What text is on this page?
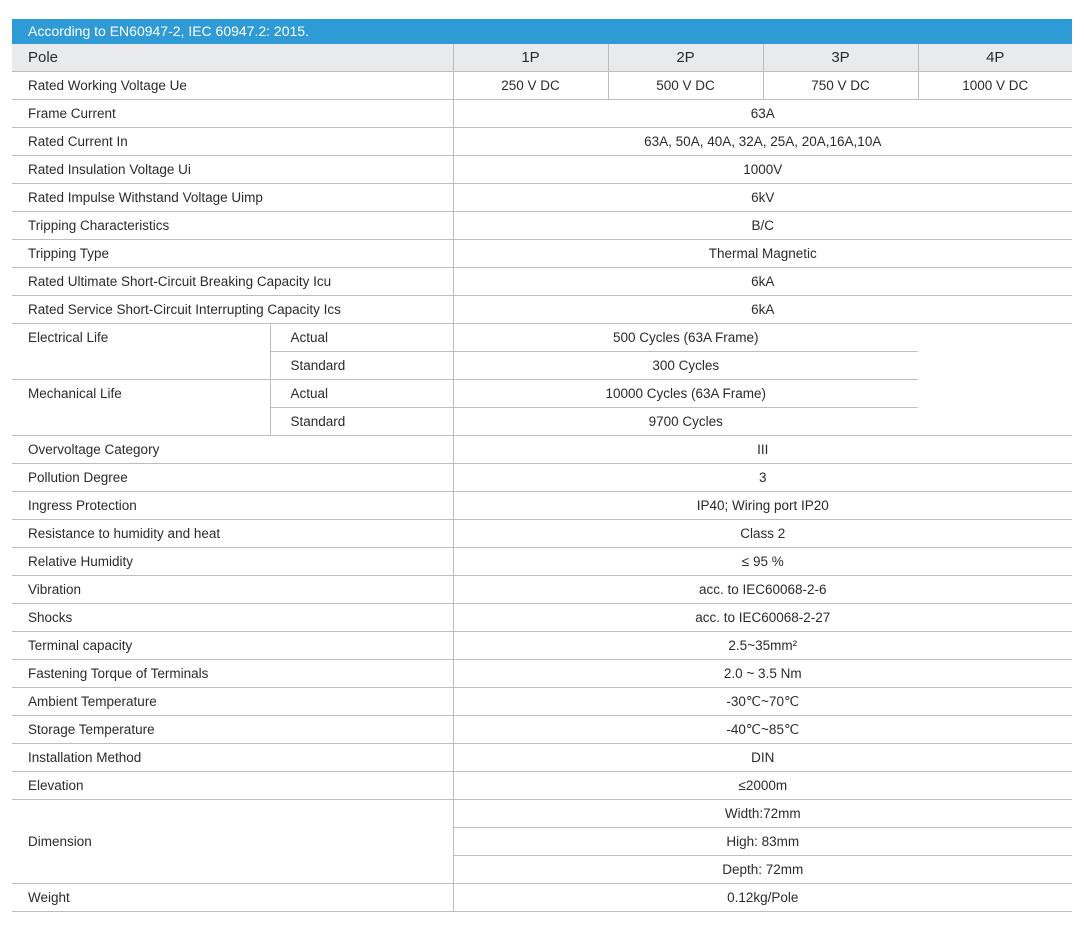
According to EN60947-2, IEC 60947.2: 2015.
Pole		1P	2P	3P	4P
Rated Working Voltage Ue		250 V DC	500 V DC	750 V DC	1000 V DC
Frame Current		63A			
Rated Current In		63A, 50A, 40A, 32A, 25A, 20A,16A,10A			
Rated Insulation Voltage Ui		1000V			
Rated Impulse Withstand Voltage Uimp		6kV			
Tripping Characteristics		B/C			
Tripping Type		Thermal Magnetic			
Rated Ultimate Short-Circuit Breaking Capacity Icu		6kA			
Rated Service Short-Circuit Interrupting Capacity Ics		6kA			
Electrical Life	Actual	500 Cycles (63A Frame)			
	Standard	300 Cycles			
Mechanical Life	Actual	10000 Cycles (63A Frame)			
	Standard	9700 Cycles			
Overvoltage Category		III			
Pollution Degree		3			
Ingress Protection		IP40; Wiring port IP20			
Resistance to humidity and heat		Class 2			
Relative Humidity		≤ 95 %			
Vibration		acc. to IEC60068-2-6			
Shocks		acc. to IEC60068-2-27			
Terminal capacity		2.5~35mm²			
Fastening Torque of Terminals		2.0 ~ 3.5 Nm			
Ambient Temperature		-30℃~70℃			
Storage Temperature		-40℃~85℃			
Installation Method		DIN			
Elevation		≤2000m			
Dimension		Width:72mm			
		High: 83mm			
		Depth: 72mm			
Weight		0.12kg/Pole			
